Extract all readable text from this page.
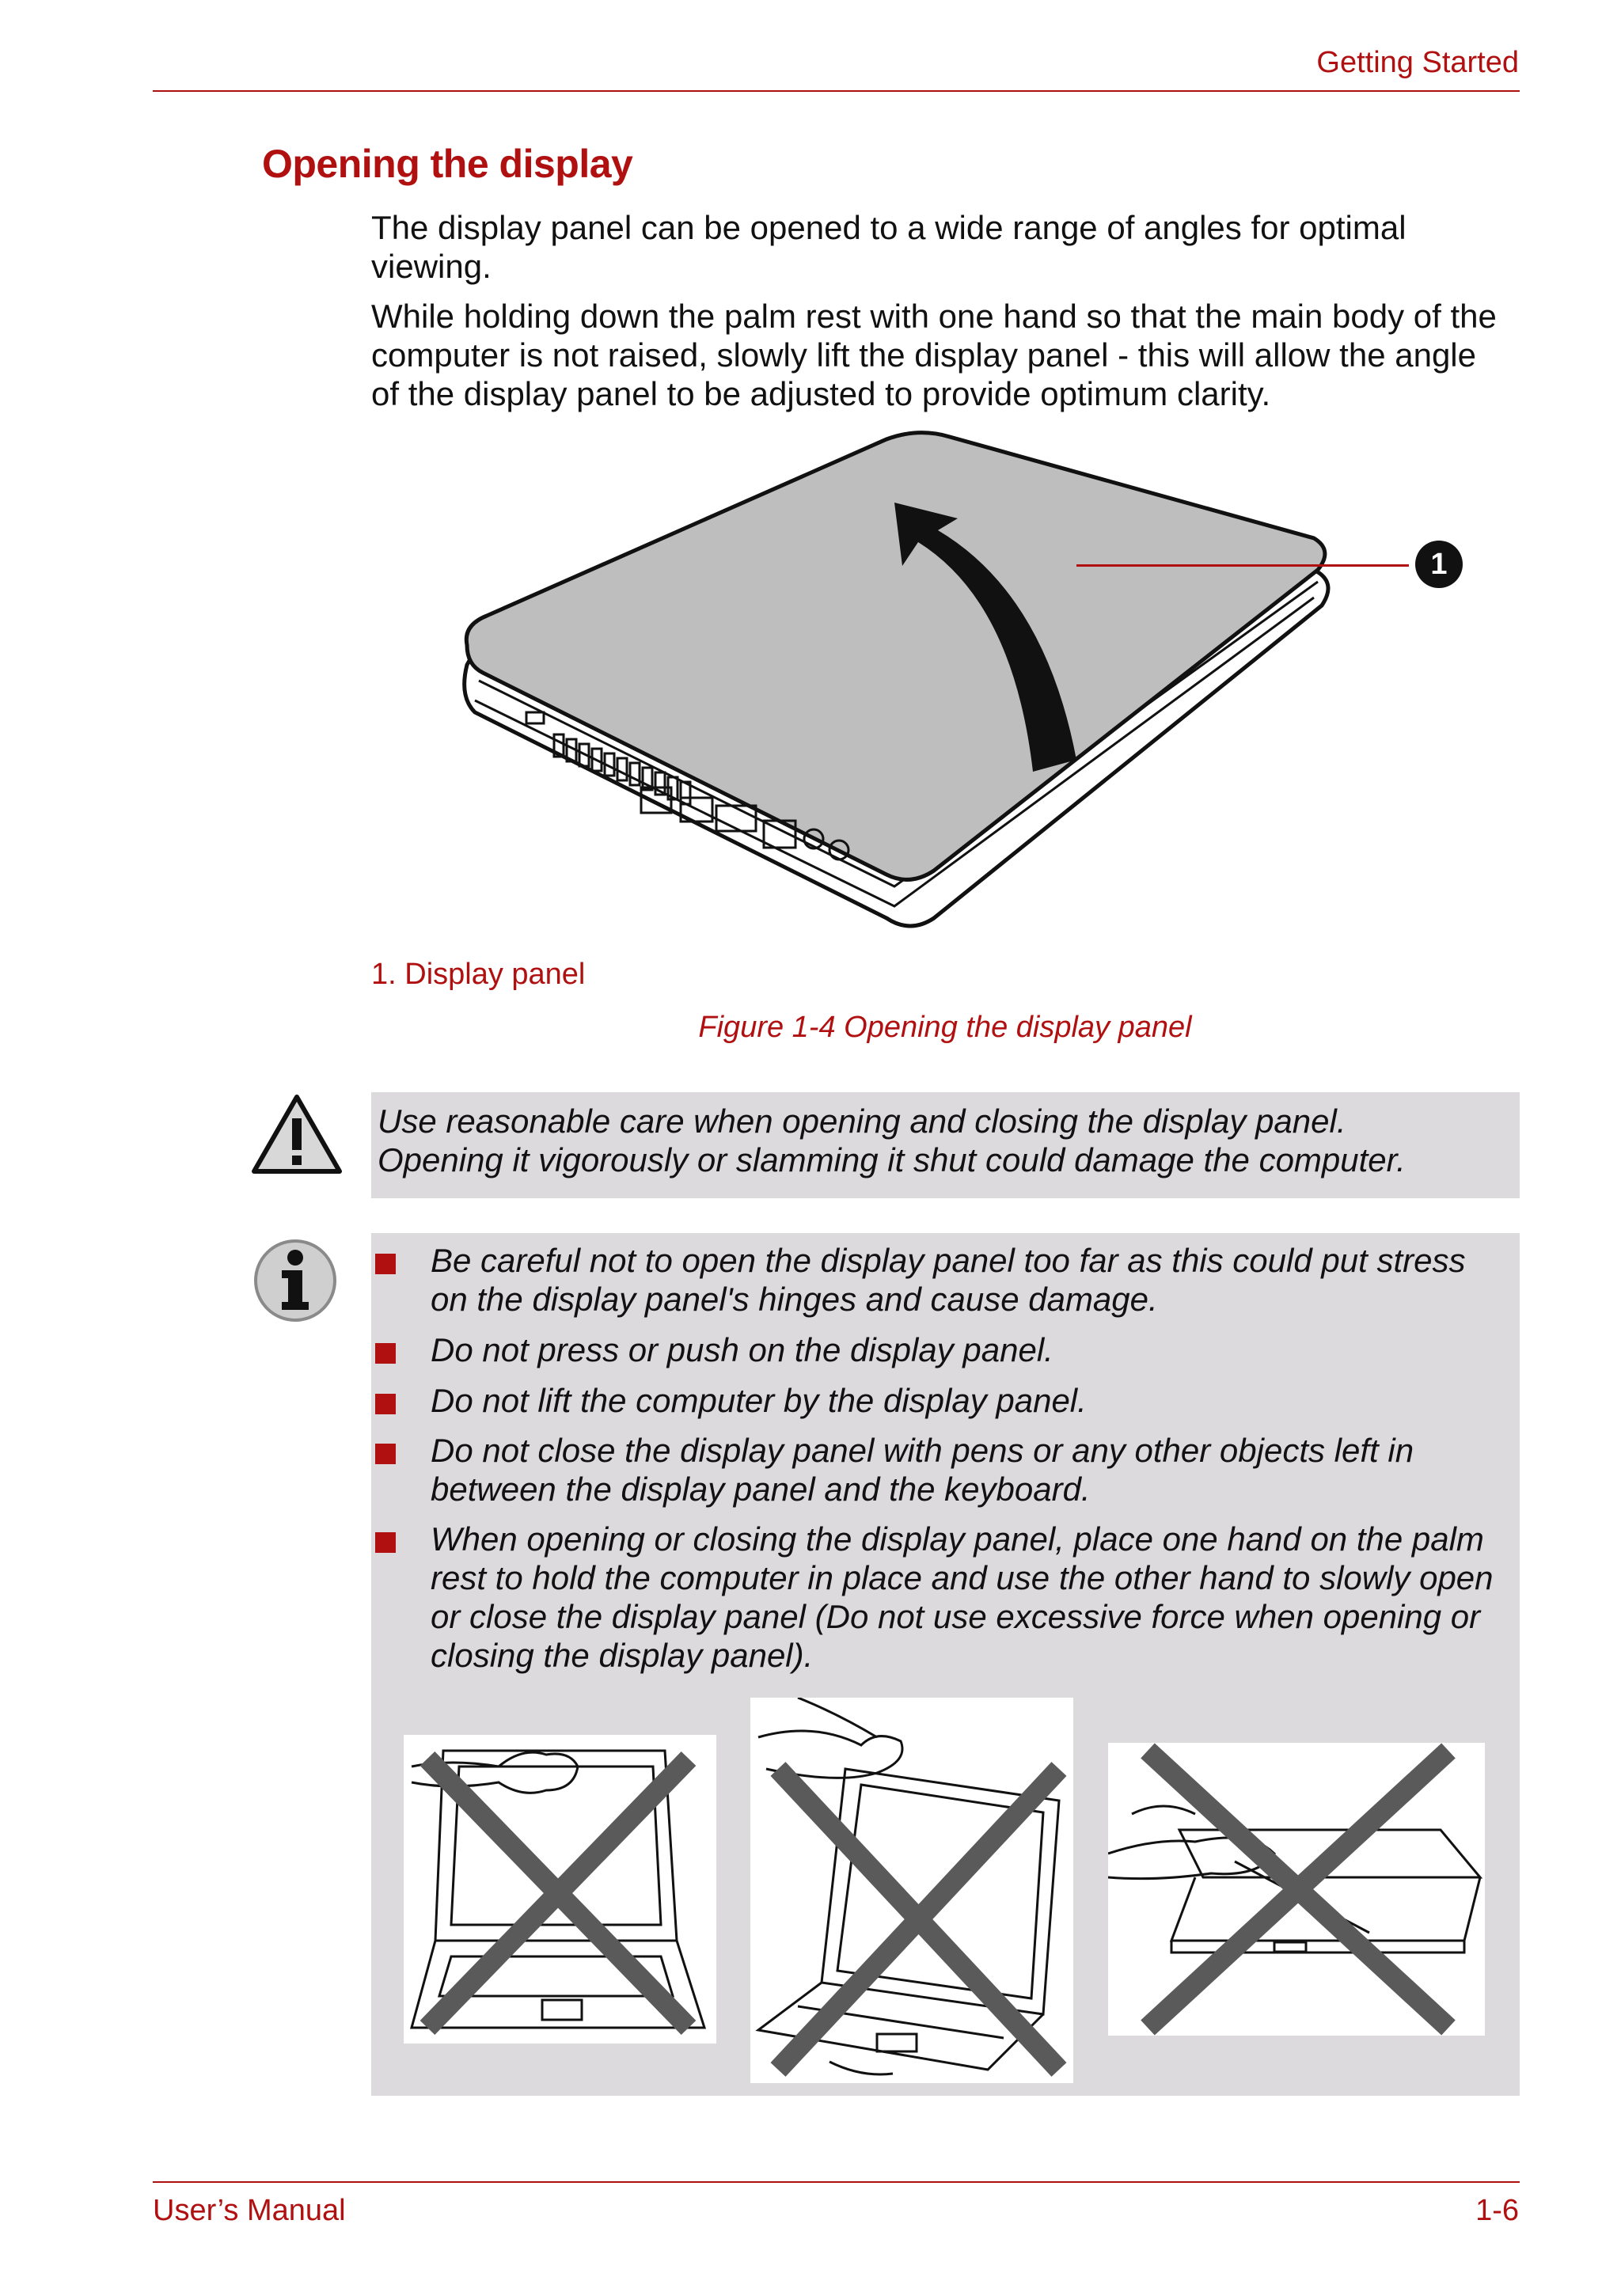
Getting Started
Opening the display
The display panel can be opened to a wide range of angles for optimal viewing.
While holding down the palm rest with one hand so that the main body of the computer is not raised, slowly lift the display panel - this will allow the angle of the display panel to be adjusted to provide optimum clarity.
1
1. Display panel
Figure 1-4 Opening the display panel
Use reasonable care when opening and closing the display panel.
Opening it vigorously or slamming it shut could damage the computer.
Be careful not to open the display panel too far as this could put stress on the display panel's hinges and cause damage.
Do not press or push on the display panel.
Do not lift the computer by the display panel.
Do not close the display panel with pens or any other objects left in between the display panel and the keyboard.
When opening or closing the display panel, place one hand on the palm rest to hold the computer in place and use the other hand to slowly open or close the display panel (Do not use excessive force when opening or closing the display panel).
User’s Manual	1-6
